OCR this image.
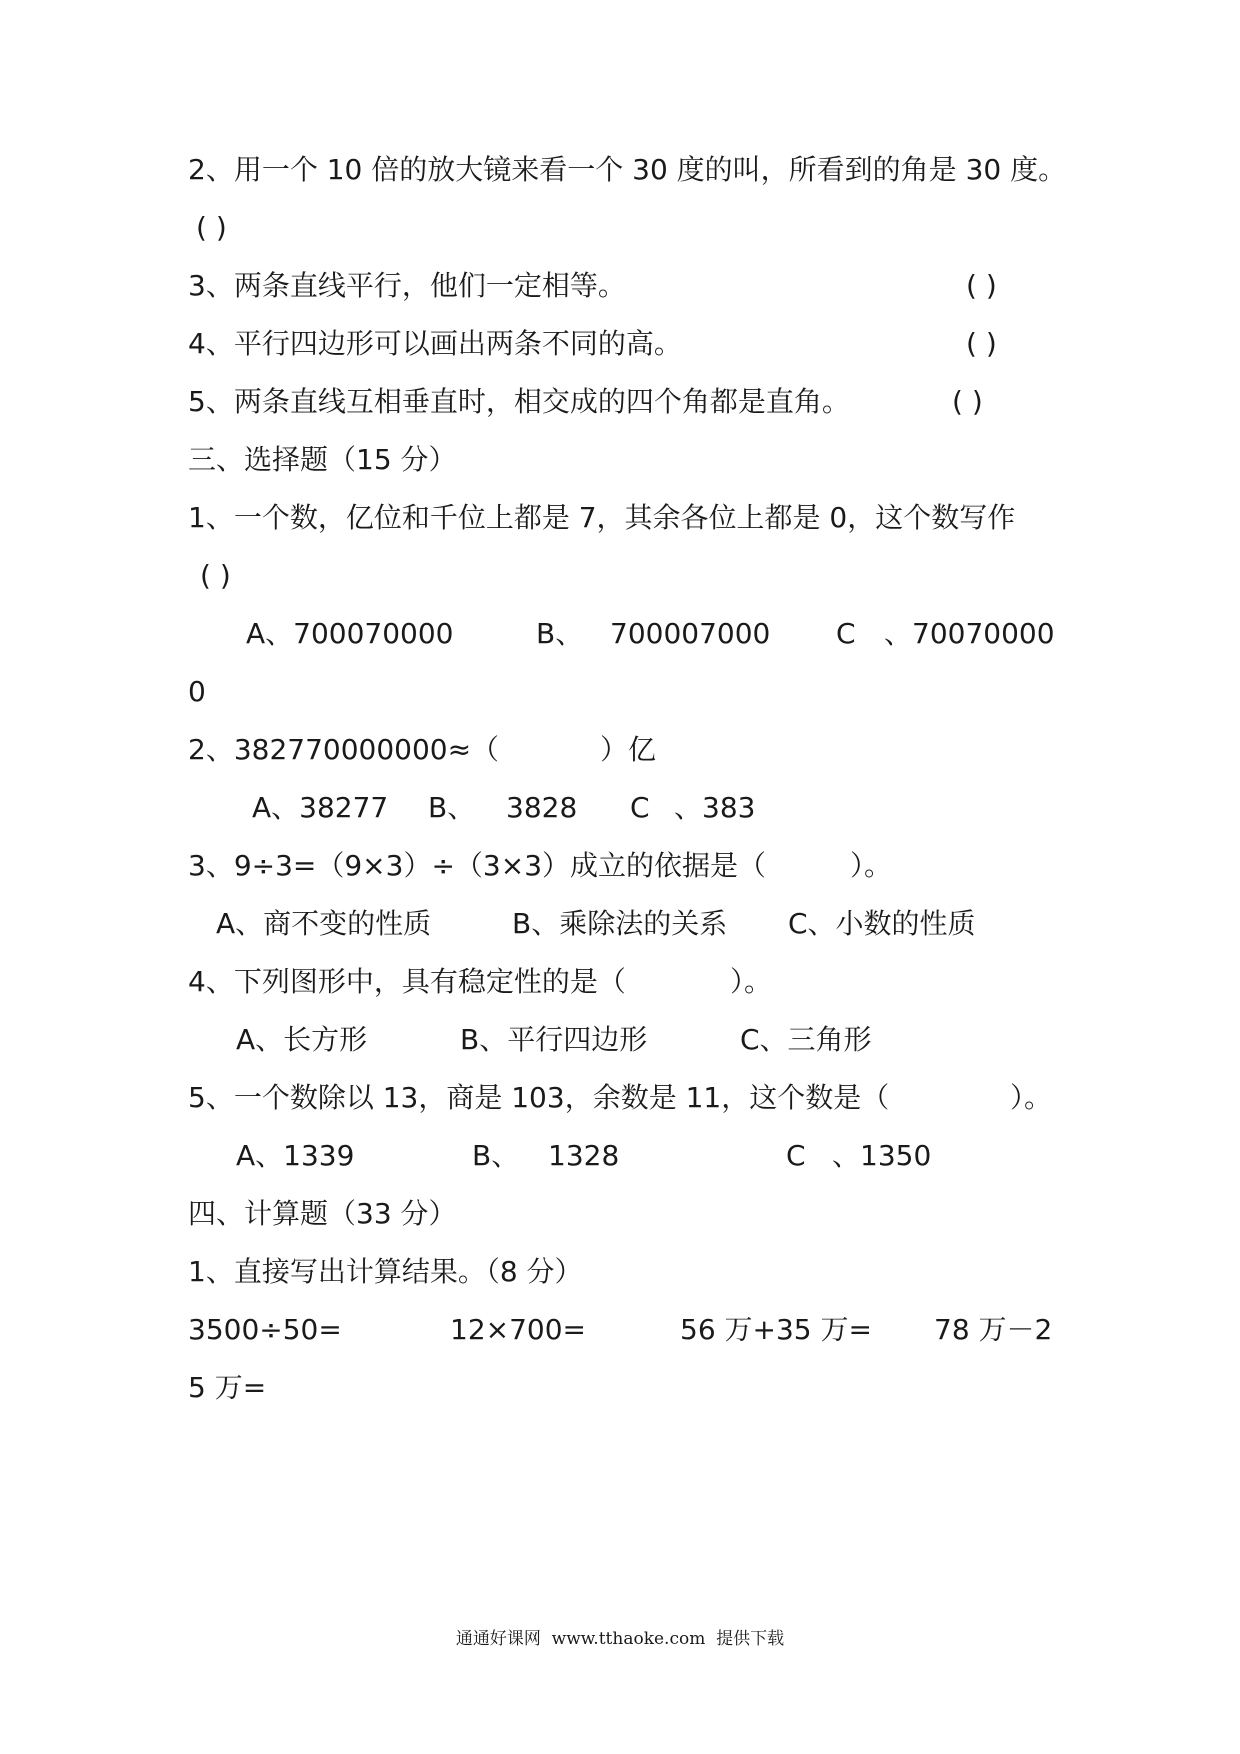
2、用一个 10 倍的放大镜来看一个 30 度的叫，所看到的角是 30 度。
( )
3、两条直线平行，他们一定相等。	( )
4、平行四边形可以画出两条不同的高。	( )
5、两条直线互相垂直时，相交成的四个角都是直角。	( )
三、选择题（15 分）
1、一个数，亿位和千位上都是 7，其余各位上都是 0，这个数写作
( )
A、700070000	B、 700007000 C 、70070000
0
2、382770000000≈（	）亿
A、38277 B、 3828 C 、383
3、9÷3=（9×3）÷（3×3）成立的依据是（	）。
A、商不变的性质	B、乘除法的关系 C、小数的性质
4、下列图形中，具有稳定性的是（	）。
A、长方形	B、平行四边形	C、三角形
5、一个数除以 13，商是 103，余数是 11，这个数是（	）。
A、1339	B、 1328	C 、1350
四、计算题（33 分）
1、直接写出计算结果。（8 分）
3500÷50=	12×700=	56 万+35 万= 78 万－2
5 万=
通通好课网  www.tthaoke.com  提供下载
